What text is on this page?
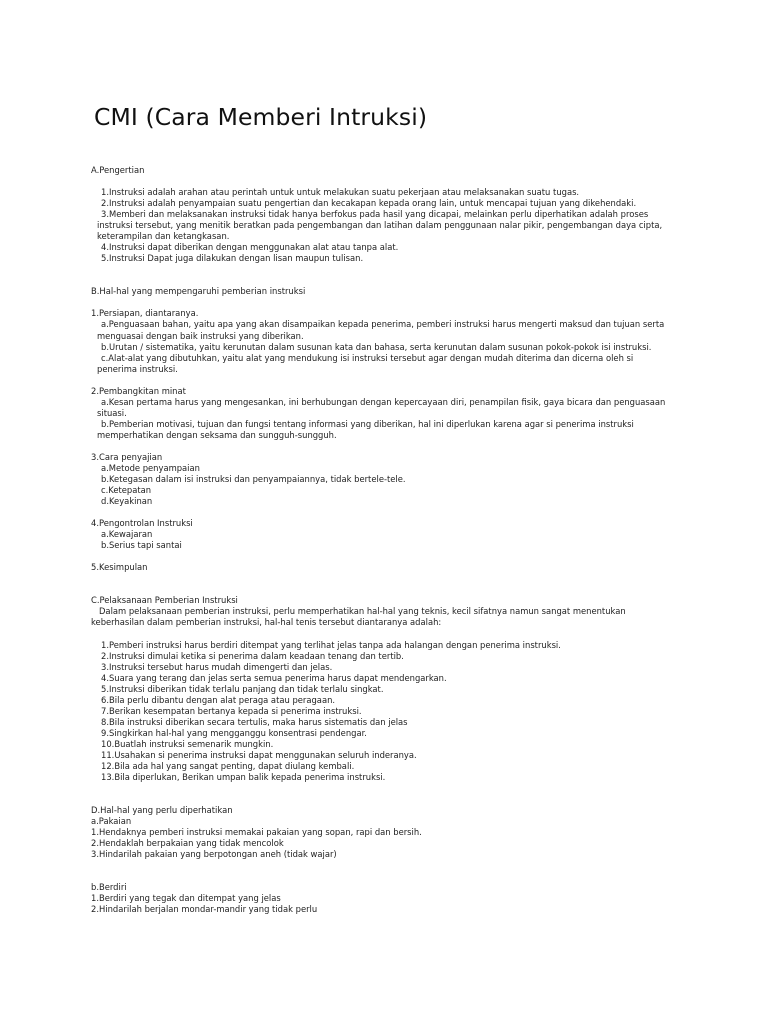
CMI (Cara Memberi Intruksi)
A.Pengertian
1.Instruksi adalah arahan atau perintah untuk untuk melakukan suatu pekerjaan atau melaksanakan suatu tugas.
2.Instruksi adalah penyampaian suatu pengertian dan kecakapan kepada orang lain, untuk mencapai tujuan yang dikehendaki.
3.Memberi dan melaksanakan instruksi tidak hanya berfokus pada hasil yang dicapai, melainkan perlu diperhatikan adalah proses
instruksi tersebut, yang menitik beratkan pada pengembangan dan latihan dalam penggunaan nalar pikir, pengembangan daya cipta,
keterampilan dan ketangkasan.
4.Instruksi dapat diberikan dengan menggunakan alat atau tanpa alat.
5.Instruksi Dapat juga dilakukan dengan lisan maupun tulisan.
B.Hal-hal yang mempengaruhi pemberian instruksi
1.Persiapan, diantaranya.
a.Penguasaan bahan, yaitu apa yang akan disampaikan kepada penerima, pemberi instruksi harus mengerti maksud dan tujuan serta
menguasai dengan baik instruksi yang diberikan.
b.Urutan / sistematika, yaitu kerunutan dalam susunan kata dan bahasa, serta kerunutan dalam susunan pokok-pokok isi instruksi.
c.Alat-alat yang dibutuhkan, yaitu alat yang mendukung isi instruksi tersebut agar dengan mudah diterima dan dicerna oleh si
penerima instruksi.
2.Pembangkitan minat
a.Kesan pertama harus yang mengesankan, ini berhubungan dengan kepercayaan diri, penampilan fisik, gaya bicara dan penguasaan
situasi.
b.Pemberian motivasi, tujuan dan fungsi tentang informasi yang diberikan, hal ini diperlukan karena agar si penerima instruksi
memperhatikan dengan seksama dan sungguh-sungguh.
3.Cara penyajian
a.Metode penyampaian
b.Ketegasan dalam isi instruksi dan penyampaiannya, tidak bertele-tele.
c.Ketepatan
d.Keyakinan
4.Pengontrolan Instruksi
a.Kewajaran
b.Serius tapi santai
5.Kesimpulan
C.Pelaksanaan Pemberian Instruksi
Dalam pelaksanaan pemberian instruksi, perlu memperhatikan hal-hal yang teknis, kecil sifatnya namun sangat menentukan
keberhasilan dalam pemberian instruksi, hal-hal tenis tersebut diantaranya adalah:
1.Pemberi instruksi harus berdiri ditempat yang terlihat jelas tanpa ada halangan dengan penerima instruksi.
2.Instruksi dimulai ketika si penerima dalam keadaan tenang dan tertib.
3.Instruksi tersebut harus mudah dimengerti dan jelas.
4.Suara yang terang dan jelas serta semua penerima harus dapat mendengarkan.
5.Instruksi diberikan tidak terlalu panjang dan tidak terlalu singkat.
6.Bila perlu dibantu dengan alat peraga atau peragaan.
7.Berikan kesempatan bertanya kepada si penerima instruksi.
8.Bila instruksi diberikan secara tertulis, maka harus sistematis dan jelas
9.Singkirkan hal-hal yang mengganggu konsentrasi pendengar.
10.Buatlah instruksi semenarik mungkin.
11.Usahakan si penerima instruksi dapat menggunakan seluruh inderanya.
12.Bila ada hal yang sangat penting, dapat diulang kembali.
13.Bila diperlukan, Berikan umpan balik kepada penerima instruksi.
D.Hal-hal yang perlu diperhatikan
a.Pakaian
1.Hendaknya pemberi instruksi memakai pakaian yang sopan, rapi dan bersih.
2.Hendaklah berpakaian yang tidak mencolok
3.Hindarilah pakaian yang berpotongan aneh (tidak wajar)
b.Berdiri
1.Berdiri yang tegak dan ditempat yang jelas
2.Hindarilah berjalan mondar-mandir yang tidak perlu
